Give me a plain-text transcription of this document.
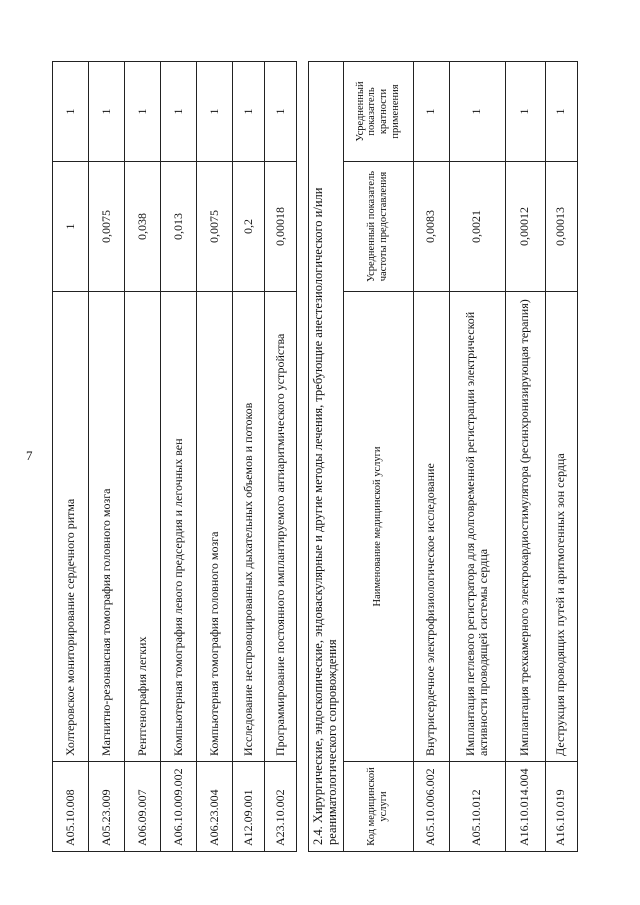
7
A05.10.008	Холтеровское мониторирование сердечного ритма	1	1
A05.23.009	Магнитно-резонансная томография головного мозга	0,0075	1
A06.09.007	Рентгенография легких	0,038	1
A06.10.009.002	Компьютерная томография левого предсердия и легочных вен	0,013	1
A06.23.004	Компьютерная томография головного мозга	0,0075	1
A12.09.001	Исследование неспровоцированных дыхательных объемов и потоков	0,2	1
A23.10.002	Программирование постоянного имплантируемого антиаритмического устройства	0,00018	1

2.4. Хирургические, эндоскопические, эндоваскулярные и другие методы лечения, требующие анестезиологического и/или реаниматологического сопровождения			
Код медицинской услуги	Наименование медицинской услуги	Усредненный показатель частоты предоставления	Усредненный показатель кратности применения
A05.10.006.002	Внутрисердечное электрофизиологическое исследование	0,0083	1
A05.10.012	Имплантация петлевого регистратора для долговременной регистрации электрической активности проводящей системы сердца	0,0021	1
A16.10.014.004	Имплантация трехкамерного электрокардиостимулятора (ресинхронизирующая терапия)	0,00012	1
A16.10.019	Деструкция проводящих путей и аритмогенных зон сердца	0,00013	1
